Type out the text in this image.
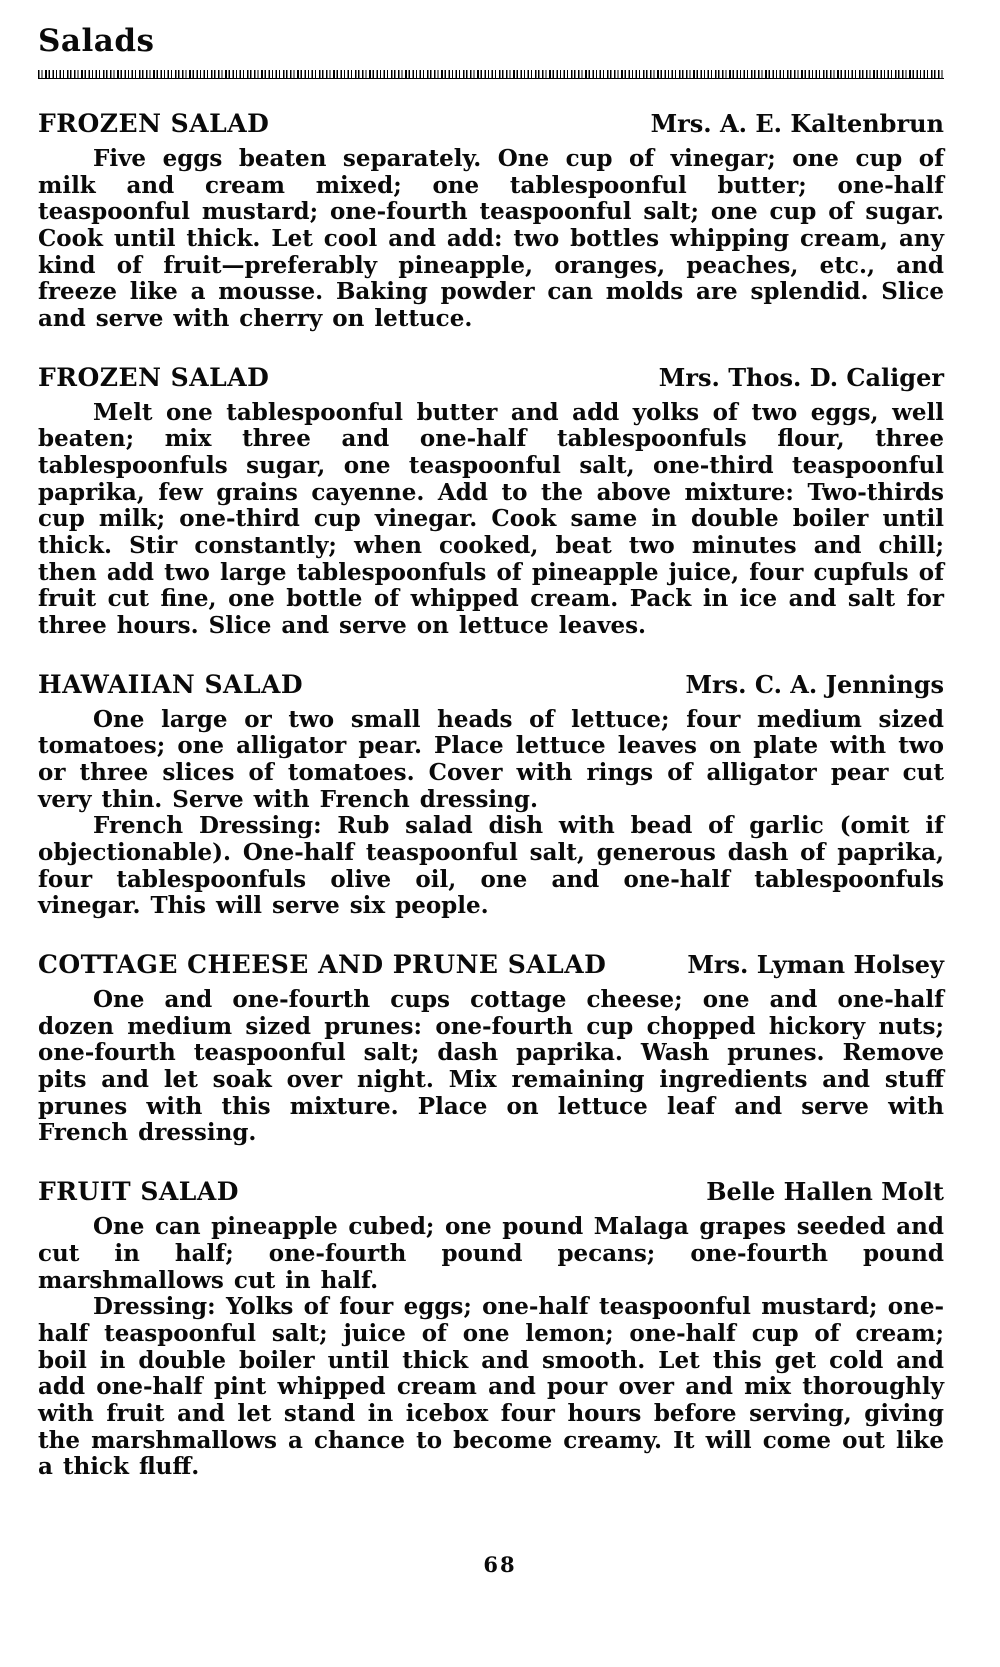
Salads
FROZEN SALAD	Mrs. A. E. Kaltenbrun

Five eggs beaten separately. One cup of vinegar; one cup of milk and cream mixed; one tablespoonful butter; one-half teaspoonful mustard; one-fourth teaspoonful salt; one cup of sugar. Cook until thick. Let cool and add: two bottles whipping cream, any kind of fruit—preferably pineapple, oranges, peaches, etc., and freeze like a mousse. Baking powder can molds are splendid. Slice and serve with cherry on lettuce.

FROZEN SALAD	Mrs. Thos. D. Caliger

Melt one tablespoonful butter and add yolks of two eggs, well beaten; mix three and one-half tablespoonfuls flour, three tablespoonfuls sugar, one teaspoonful salt, one-third teaspoonful paprika, few grains cayenne. Add to the above mixture: Two-thirds cup milk; one-third cup vinegar. Cook same in double boiler until thick. Stir constantly; when cooked, beat two minutes and chill; then add two large tablespoonfuls of pineapple juice, four cupfuls of fruit cut fine, one bottle of whipped cream. Pack in ice and salt for three hours. Slice and serve on lettuce leaves.

HAWAIIAN SALAD	Mrs. C. A. Jennings

One large or two small heads of lettuce; four medium sized tomatoes; one alligator pear. Place lettuce leaves on plate with two or three slices of tomatoes. Cover with rings of alligator pear cut very thin. Serve with French dressing.

French Dressing: Rub salad dish with bead of garlic (omit if objectionable). One-half teaspoonful salt, generous dash of paprika, four tablespoonfuls olive oil, one and one-half tablespoonfuls vinegar. This will serve six people.

COTTAGE CHEESE AND PRUNE SALAD	Mrs. Lyman Holsey

One and one-fourth cups cottage cheese; one and one-half dozen medium sized prunes: one-fourth cup chopped hickory nuts; one-fourth teaspoonful salt; dash paprika. Wash prunes. Remove pits and let soak over night. Mix remaining ingredients and stuff prunes with this mixture. Place on lettuce leaf and serve with French dressing.

FRUIT SALAD	Belle Hallen Molt

One can pineapple cubed; one pound Malaga grapes seeded and cut in half; one-fourth pound pecans; one-fourth pound marshmallows cut in half.

Dressing: Yolks of four eggs; one-half teaspoonful mustard; one-half teaspoonful salt; juice of one lemon; one-half cup of cream; boil in double boiler until thick and smooth. Let this get cold and add one-half pint whipped cream and pour over and mix thoroughly with fruit and let stand in icebox four hours before serving, giving the marshmallows a chance to become creamy. It will come out like a thick fluff.

68
